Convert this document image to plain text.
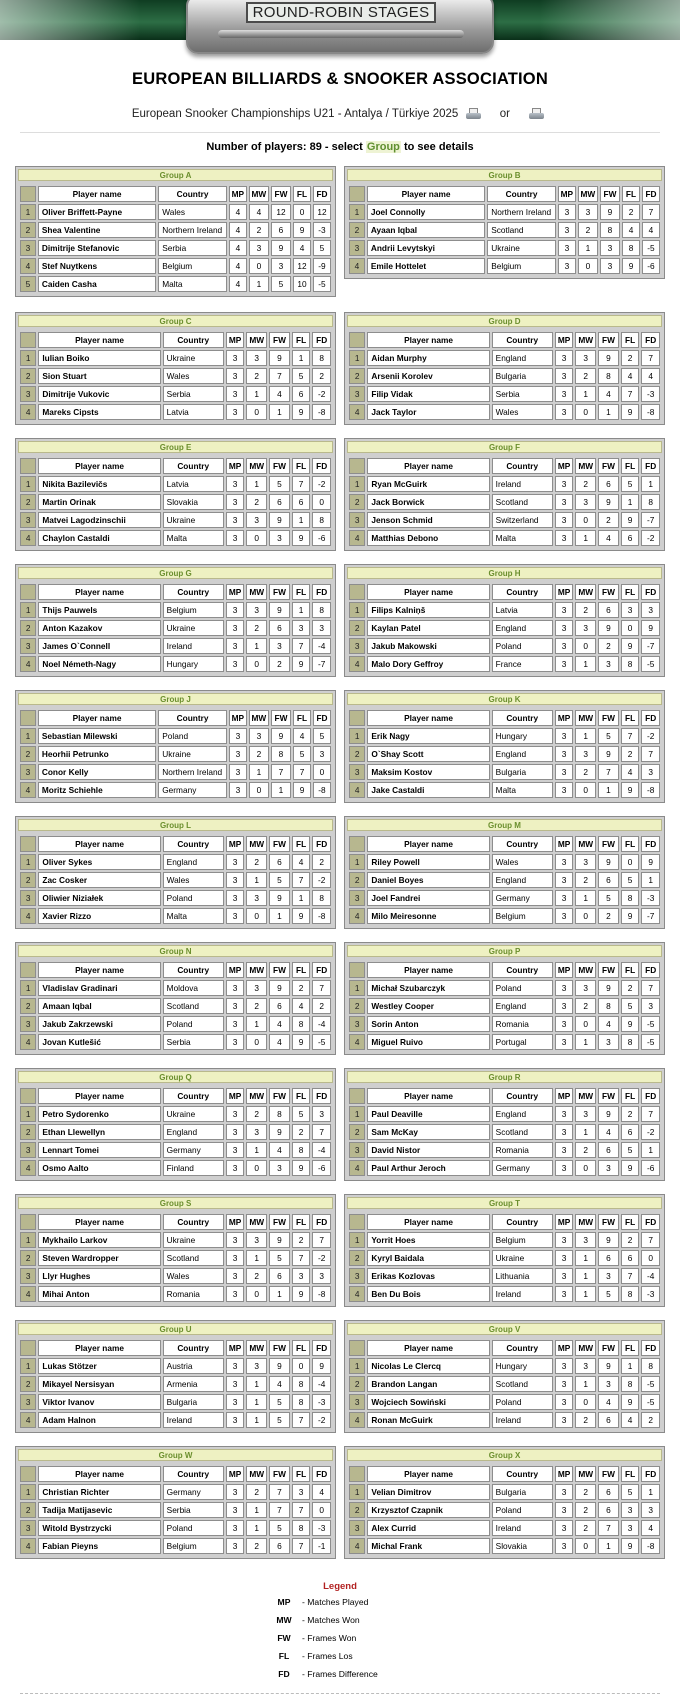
ROUND-ROBIN STAGES
EUROPEAN BILLIARDS & SNOOKER ASSOCIATION
European Snooker Championships U21 - Antalya / Türkiye 2025	or
Number of players: 89 - select Group to see details
Group A
	Player name	Country	MP	MW	FW	FL	FD
1	Oliver Briffett-Payne	Wales	4	4	12	0	12
2	Shea Valentine	Northern Ireland	4	2	6	9	-3
3	Dimitrije Stefanovic	Serbia	4	3	9	4	5
4	Stef Nuytkens	Belgium	4	0	3	12	-9
5	Caiden Casha	Malta	4	1	5	10	-5
Group B
	Player name	Country	MP	MW	FW	FL	FD
1	Joel Connolly	Northern Ireland	3	3	9	2	7
2	Ayaan Iqbal	Scotland	3	2	8	4	4
3	Andrii Levytskyi	Ukraine	3	1	3	8	-5
4	Emile Hottelet	Belgium	3	0	3	9	-6
Group C
	Player name	Country	MP	MW	FW	FL	FD
1	Iulian Boiko	Ukraine	3	3	9	1	8
2	Sion Stuart	Wales	3	2	7	5	2
3	Dimitrije Vukovic	Serbia	3	1	4	6	-2
4	Mareks Cipsts	Latvia	3	0	1	9	-8
Group D
	Player name	Country	MP	MW	FW	FL	FD
1	Aidan Murphy	England	3	3	9	2	7
2	Arsenii Korolev	Bulgaria	3	2	8	4	4
3	Filip Vidak	Serbia	3	1	4	7	-3
4	Jack Taylor	Wales	3	0	1	9	-8
Group E
	Player name	Country	MP	MW	FW	FL	FD
1	Nikita Bazilevičs	Latvia	3	1	5	7	-2
2	Martin Orinak	Slovakia	3	2	6	6	0
3	Matvei Lagodzinschii	Ukraine	3	3	9	1	8
4	Chaylon Castaldi	Malta	3	0	3	9	-6
Group F
	Player name	Country	MP	MW	FW	FL	FD
1	Ryan McGuirk	Ireland	3	2	6	5	1
2	Jack Borwick	Scotland	3	3	9	1	8
3	Jenson Schmid	Switzerland	3	0	2	9	-7
4	Matthias Debono	Malta	3	1	4	6	-2
Group G
	Player name	Country	MP	MW	FW	FL	FD
1	Thijs Pauwels	Belgium	3	3	9	1	8
2	Anton Kazakov	Ukraine	3	2	6	3	3
3	James O`Connell	Ireland	3	1	3	7	-4
4	Noel Németh-Nagy	Hungary	3	0	2	9	-7
Group H
	Player name	Country	MP	MW	FW	FL	FD
1	Filips Kalniņš	Latvia	3	2	6	3	3
2	Kaylan Patel	England	3	3	9	0	9
3	Jakub Makowski	Poland	3	0	2	9	-7
4	Malo Dory Geffroy	France	3	1	3	8	-5
Group J
	Player name	Country	MP	MW	FW	FL	FD
1	Sebastian Milewski	Poland	3	3	9	4	5
2	Heorhii Petrunko	Ukraine	3	2	8	5	3
3	Conor Kelly	Northern Ireland	3	1	7	7	0
4	Moritz Schiehle	Germany	3	0	1	9	-8
Group K
	Player name	Country	MP	MW	FW	FL	FD
1	Erik Nagy	Hungary	3	1	5	7	-2
2	O`Shay Scott	England	3	3	9	2	7
3	Maksim Kostov	Bulgaria	3	2	7	4	3
4	Jake Castaldi	Malta	3	0	1	9	-8
Group L
	Player name	Country	MP	MW	FW	FL	FD
1	Oliver Sykes	England	3	2	6	4	2
2	Zac Cosker	Wales	3	1	5	7	-2
3	Oliwier Niziałek	Poland	3	3	9	1	8
4	Xavier Rizzo	Malta	3	0	1	9	-8
Group M
	Player name	Country	MP	MW	FW	FL	FD
1	Riley Powell	Wales	3	3	9	0	9
2	Daniel Boyes	England	3	2	6	5	1
3	Joel Fandrei	Germany	3	1	5	8	-3
4	Milo Meiresonne	Belgium	3	0	2	9	-7
Group N
	Player name	Country	MP	MW	FW	FL	FD
1	Vladislav Gradinari	Moldova	3	3	9	2	7
2	Amaan Iqbal	Scotland	3	2	6	4	2
3	Jakub Zakrzewski	Poland	3	1	4	8	-4
4	Jovan Kutlešić	Serbia	3	0	4	9	-5
Group P
	Player name	Country	MP	MW	FW	FL	FD
1	Michał Szubarczyk	Poland	3	3	9	2	7
2	Westley Cooper	England	3	2	8	5	3
3	Sorin Anton	Romania	3	0	4	9	-5
4	Miguel Ruivo	Portugal	3	1	3	8	-5
Group Q
	Player name	Country	MP	MW	FW	FL	FD
1	Petro Sydorenko	Ukraine	3	2	8	5	3
2	Ethan Llewellyn	England	3	3	9	2	7
3	Lennart Tomei	Germany	3	1	4	8	-4
4	Osmo Aalto	Finland	3	0	3	9	-6
Group R
	Player name	Country	MP	MW	FW	FL	FD
1	Paul Deaville	England	3	3	9	2	7
2	Sam McKay	Scotland	3	1	4	6	-2
3	David Nistor	Romania	3	2	6	5	1
4	Paul Arthur Jeroch	Germany	3	0	3	9	-6
Group S
	Player name	Country	MP	MW	FW	FL	FD
1	Mykhailo Larkov	Ukraine	3	3	9	2	7
2	Steven Wardropper	Scotland	3	1	5	7	-2
3	Llyr Hughes	Wales	3	2	6	3	3
4	Mihai Anton	Romania	3	0	1	9	-8
Group T
	Player name	Country	MP	MW	FW	FL	FD
1	Yorrit Hoes	Belgium	3	3	9	2	7
2	Kyryl Baidala	Ukraine	3	1	6	6	0
3	Erikas Kozlovas	Lithuania	3	1	3	7	-4
4	Ben Du Bois	Ireland	3	1	5	8	-3
Group U
	Player name	Country	MP	MW	FW	FL	FD
1	Lukas Stötzer	Austria	3	3	9	0	9
2	Mikayel Nersisyan	Armenia	3	1	4	8	-4
3	Viktor Ivanov	Bulgaria	3	1	5	8	-3
4	Adam Halnon	Ireland	3	1	5	7	-2
Group V
	Player name	Country	MP	MW	FW	FL	FD
1	Nicolas Le Clercq	Hungary	3	3	9	1	8
2	Brandon Langan	Scotland	3	1	3	8	-5
3	Wojciech Sowiński	Poland	3	0	4	9	-5
4	Ronan McGuirk	Ireland	3	2	6	4	2
Group W
	Player name	Country	MP	MW	FW	FL	FD
1	Christian Richter	Germany	3	2	7	3	4
2	Tadija Matijasevic	Serbia	3	1	7	7	0
3	Witold Bystrzycki	Poland	3	1	5	8	-3
4	Fabian Pieyns	Belgium	3	2	6	7	-1
Group X
	Player name	Country	MP	MW	FW	FL	FD
1	Velian Dimitrov	Bulgaria	3	2	6	5	1
2	Krzysztof Czapnik	Poland	3	2	6	3	3
3	Alex Currid	Ireland	3	2	7	3	4
4	Michal Frank	Slovakia	3	0	1	9	-8
Legend
MP	- Matches Played
MW	- Matches Won
FW	- Frames Won
FL	- Frames Los
FD	- Frames Difference
